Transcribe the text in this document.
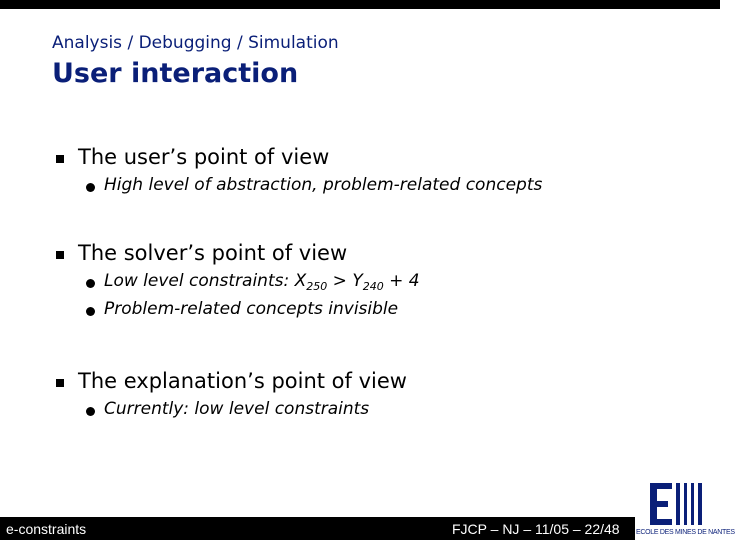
Analysis / Debugging / Simulation
User interaction
The user’s point of view
High level of abstraction, problem-related concepts
The solver’s point of view
Low level constraints: $X_{250} > Y_{240} + 4$
Problem-related concepts invisible
The explanation’s point of view
Currently: low level constraints
e-constraints	FJCP – NJ – 11/05 – 22/48 ECOLE DES MINES DE NANTES
